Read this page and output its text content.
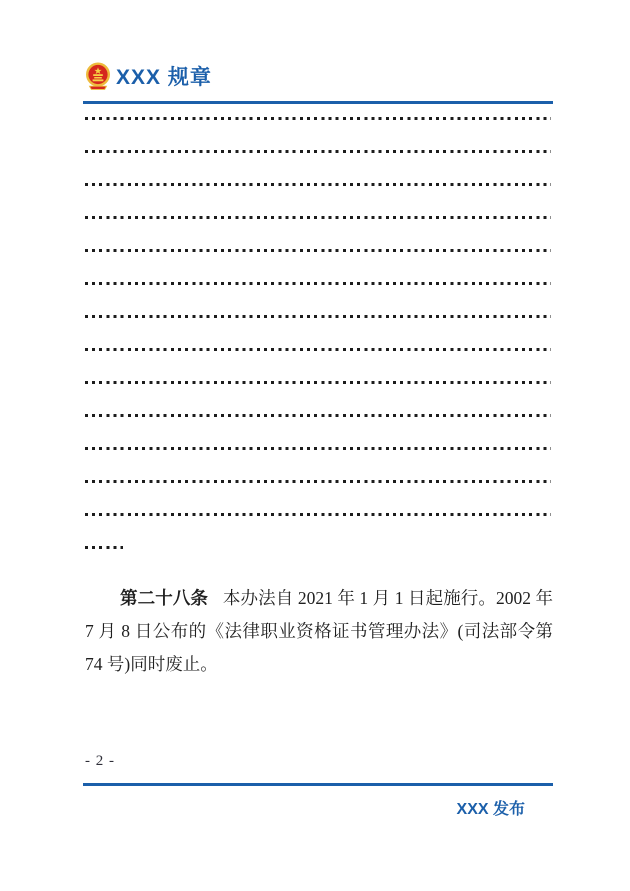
XXX 规章

第二十八条 本办法自 2021 年 1 月 1 日起施行。2002 年 7 月 8 日公布的《法律职业资格证书管理办法》(司法部令第 74 号)同时废止。

- 2 -
XXX 发布
